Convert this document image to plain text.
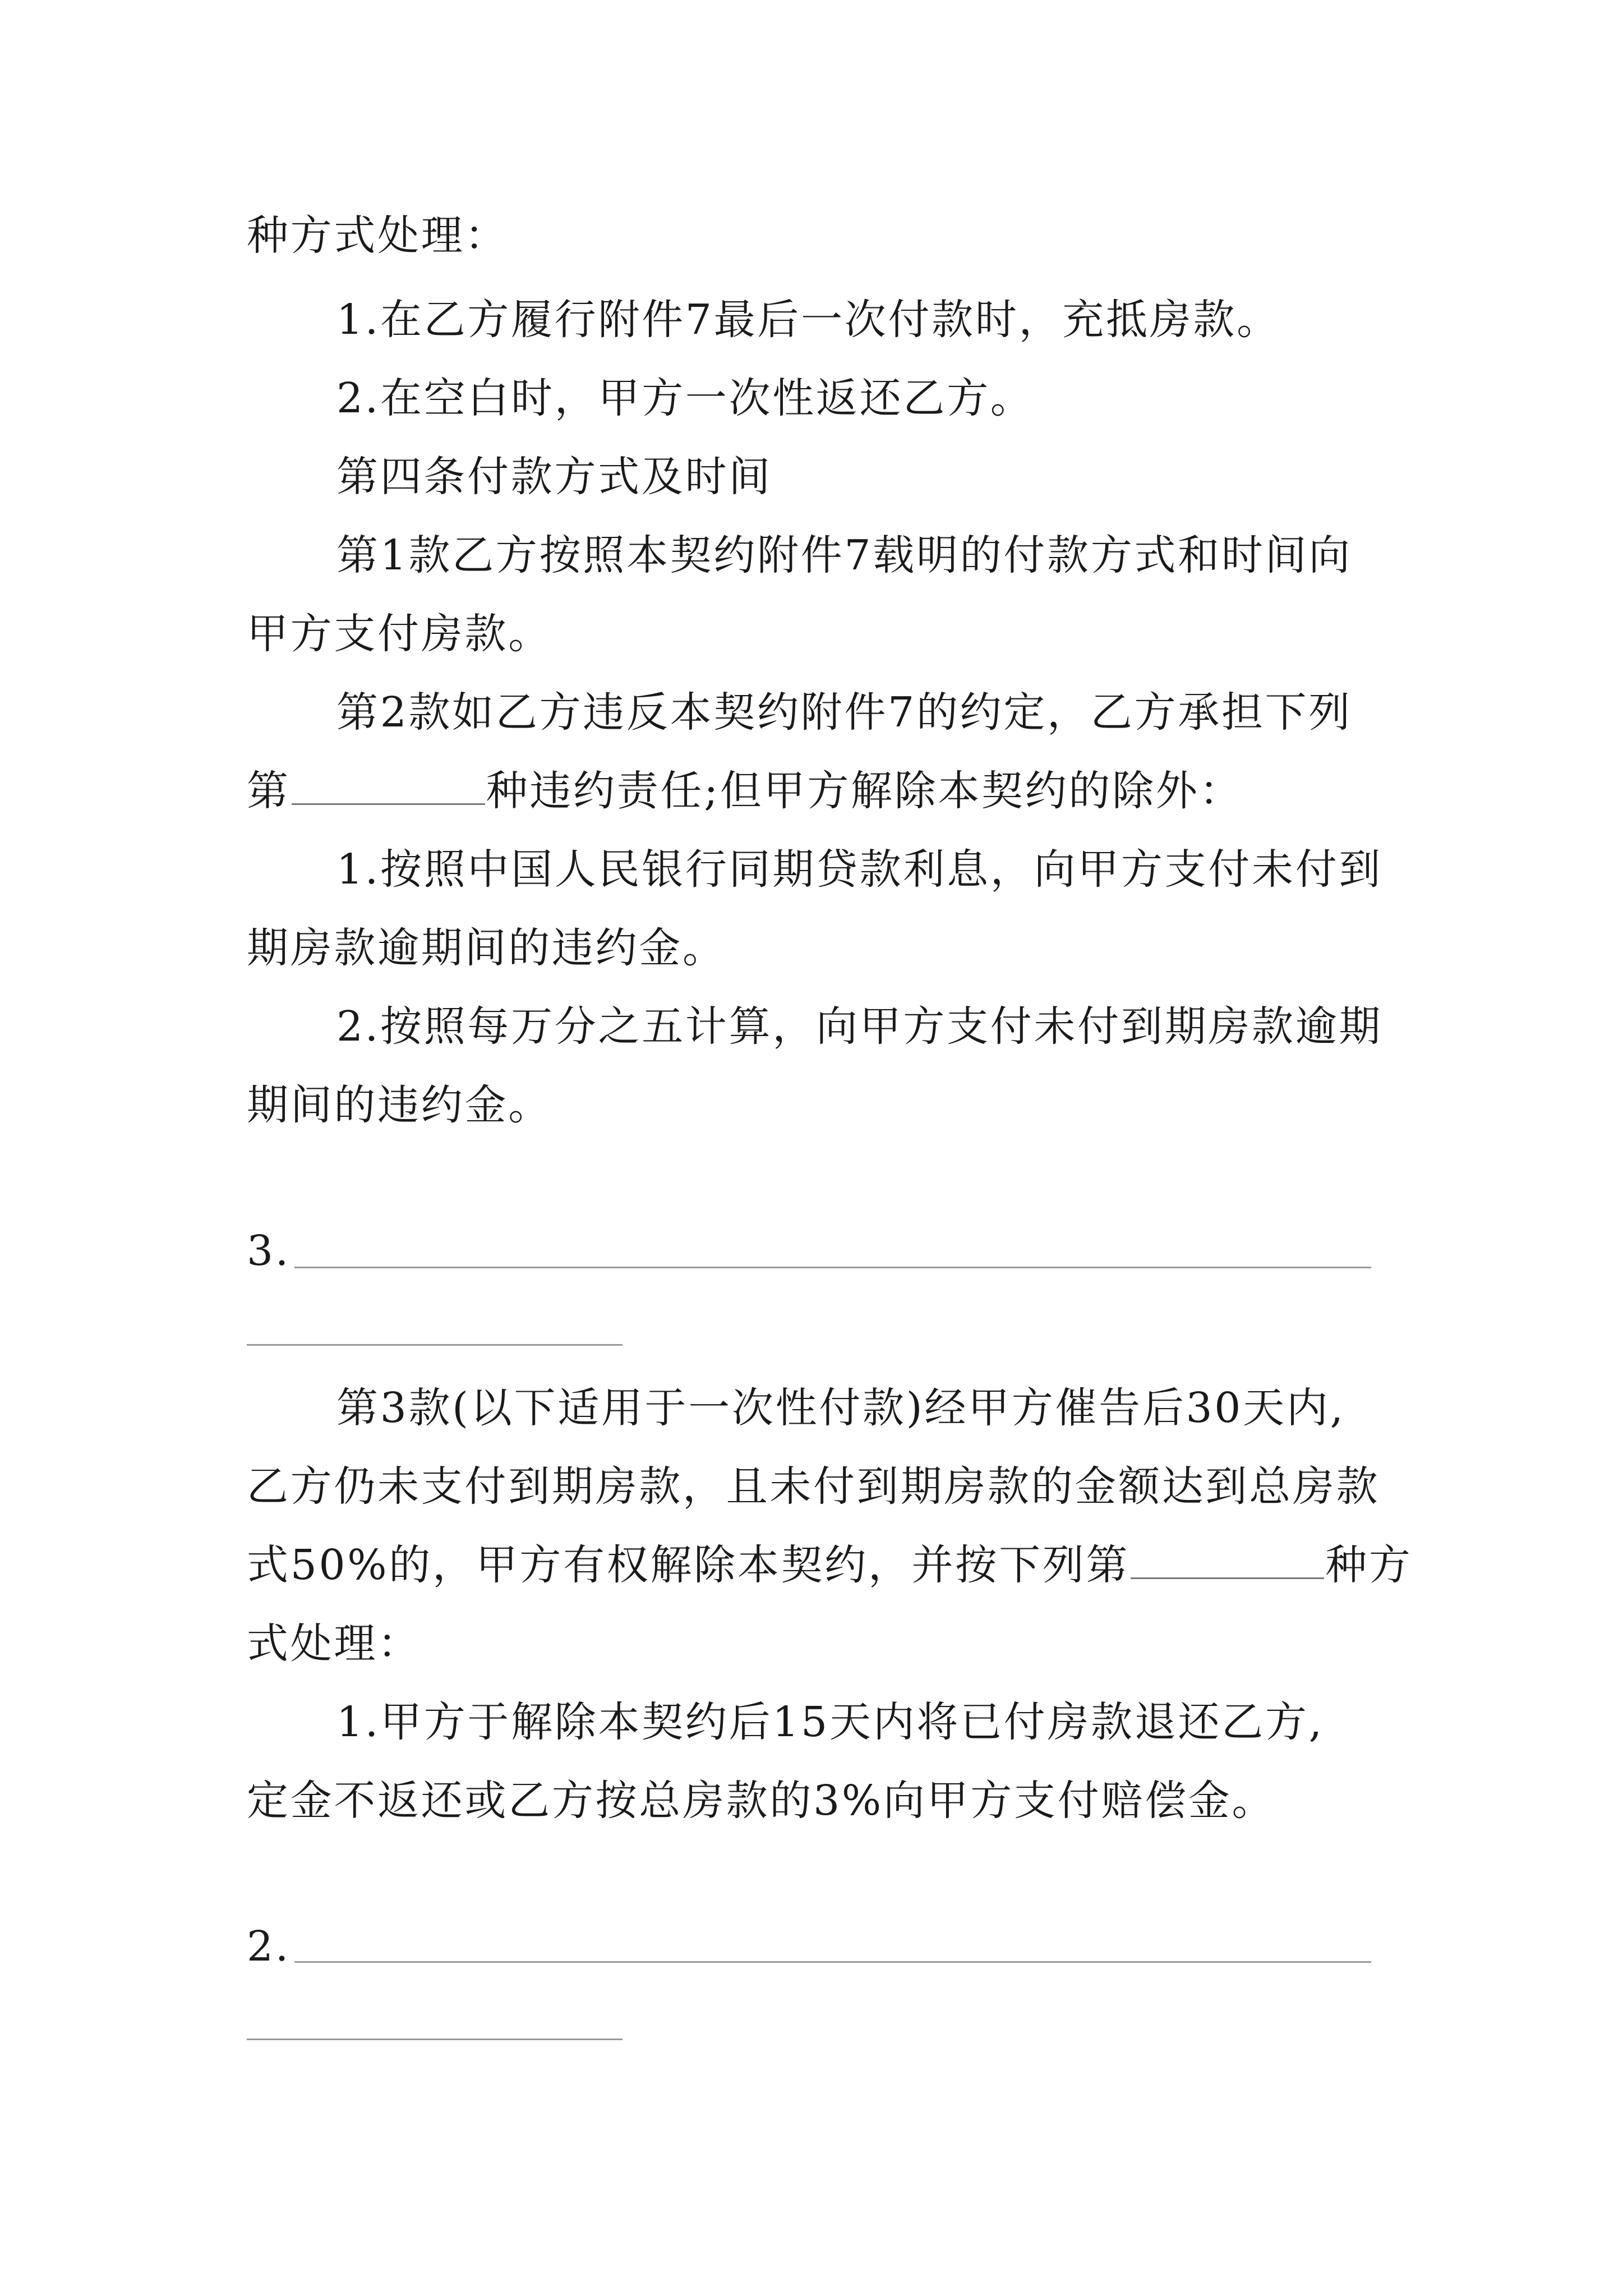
种方式处理：
1.在乙方履行附件7最后一次付款时，充抵房款。
2.在空白时，甲方一次性返还乙方。
第四条付款方式及时间
第1款乙方按照本契约附件7载明的付款方式和时间向
甲方支付房款。
第2款如乙方违反本契约附件7的约定，乙方承担下列
第	种违约责任;但甲方解除本契约的除外：
1.按照中国人民银行同期贷款利息，向甲方支付未付到
期房款逾期间的违约金。
2.按照每万分之五计算，向甲方支付未付到期房款逾期
期间的违约金。
3.
第3款(以下适用于一次性付款)经甲方催告后30天内,
乙方仍未支付到期房款，且未付到期房款的金额达到总房款
式50%的，甲方有权解除本契约，并按下列第	种方
式处理：
1.甲方于解除本契约后15天内将已付房款退还乙方,
定金不返还或乙方按总房款的3%向甲方支付赔偿金。
2.
